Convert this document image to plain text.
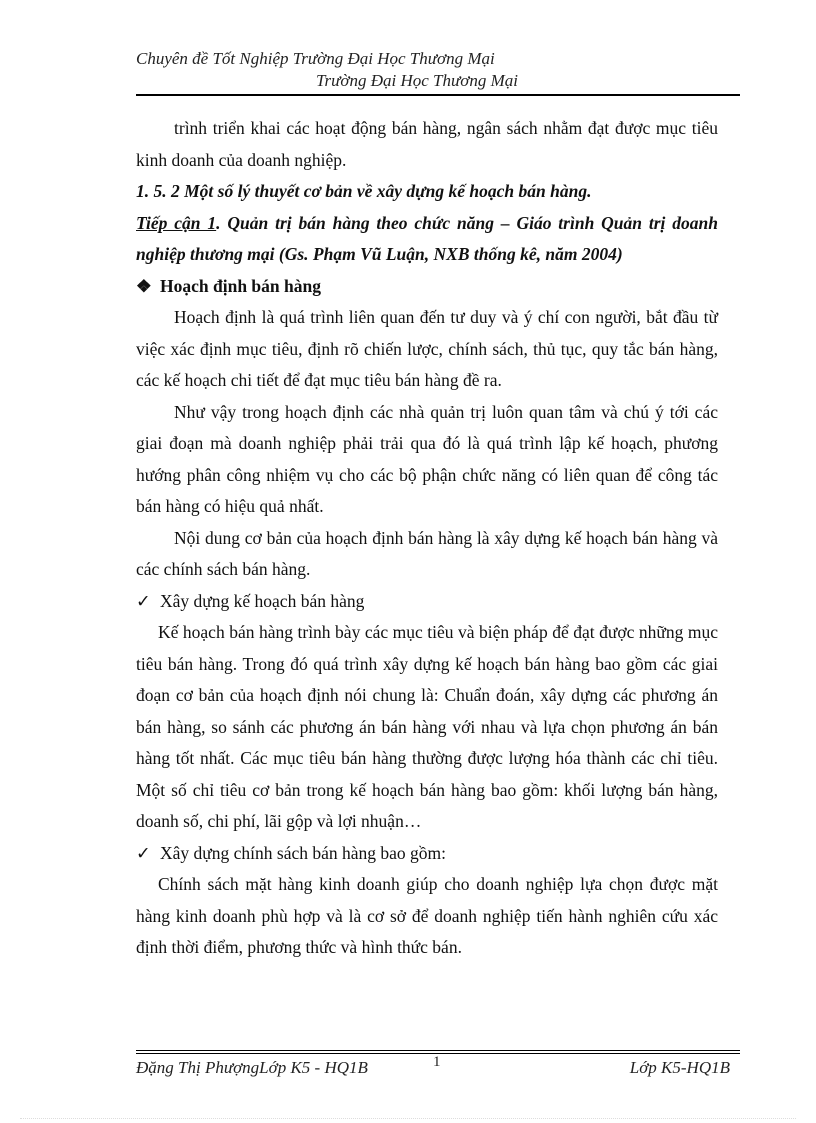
Chuyên đề Tốt Nghiệp Trường Đại Học Thương Mại
Trường Đại Học Thương Mại

trình triển khai các hoạt động bán hàng, ngân sách nhằm đạt được mục tiêu kinh doanh của doanh nghiệp.

1. 5. 2 Một số lý thuyết cơ bản về xây dựng kế hoạch bán hàng.

Tiếp cận 1. Quản trị bán hàng theo chức năng – Giáo trình Quản trị doanh nghiệp thương mại (Gs. Phạm Vũ Luận, NXB thống kê, năm 2004)

❖ Hoạch định bán hàng

Hoạch định là quá trình liên quan đến tư duy và ý chí con người, bắt đầu từ việc xác định mục tiêu, định rõ chiến lược, chính sách, thủ tục, quy tắc bán hàng, các kế hoạch chi tiết để đạt mục tiêu bán hàng đề ra.

Như vậy trong hoạch định các nhà quản trị luôn quan tâm và chú ý tới các giai đoạn mà doanh nghiệp phải trải qua đó là quá trình lập kế hoạch, phương hướng phân công nhiệm vụ cho các bộ phận chức năng có liên quan để công tác bán hàng có hiệu quả nhất.

Nội dung cơ bản của hoạch định bán hàng là xây dựng kế hoạch bán hàng và các chính sách bán hàng.

✓ Xây dựng kế hoạch bán hàng

Kế hoạch bán hàng trình bày các mục tiêu và biện pháp để đạt được những mục tiêu bán hàng. Trong đó quá trình xây dựng kế hoạch bán hàng bao gồm các giai đoạn cơ bản của hoạch định nói chung là: Chuẩn đoán, xây dựng các phương án bán hàng, so sánh các phương án bán hàng với nhau và lựa chọn phương án bán hàng tốt nhất. Các mục tiêu bán hàng thường được lượng hóa thành các chỉ tiêu. Một số chỉ tiêu cơ bản trong kế hoạch bán hàng bao gồm: khối lượng bán hàng, doanh số, chi phí, lãi gộp và lợi nhuận…

✓ Xây dựng chính sách bán hàng bao gồm:

Chính sách mặt hàng kinh doanh giúp cho doanh nghiệp lựa chọn được mặt hàng kinh doanh phù hợp và là cơ sở để doanh nghiệp tiến hành nghiên cứu xác định thời điểm, phương thức và hình thức bán.

Đặng Thị PhượngLớp K5 - HQ1B	1	Lớp K5-HQ1B
